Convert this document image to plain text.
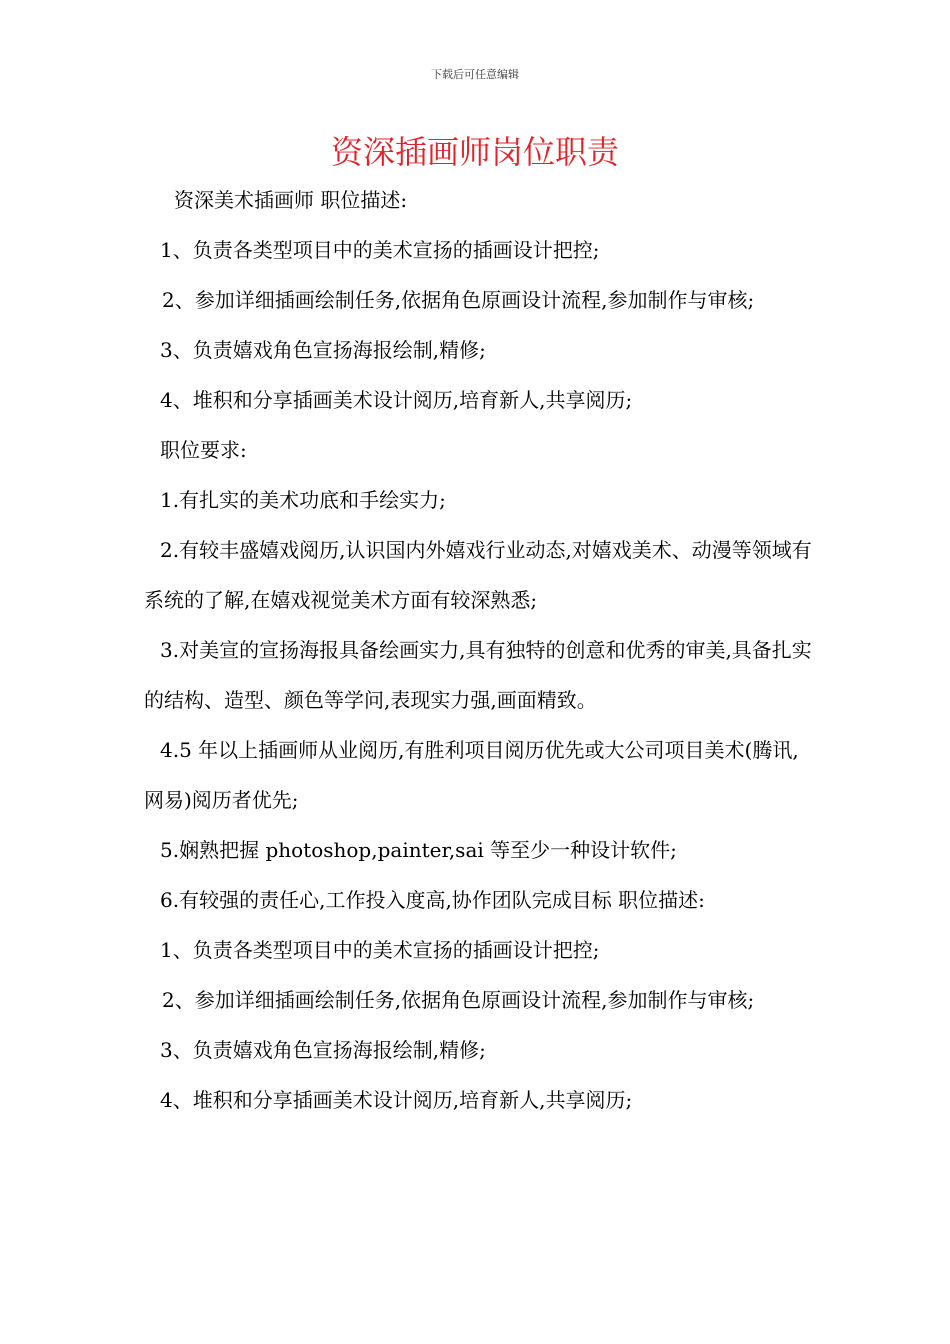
下载后可任意编辑
资深插画师岗位职责
资深美术插画师 职位描述:
1、负责各类型项目中的美术宣扬的插画设计把控;
2、参加详细插画绘制任务,依据角色原画设计流程,参加制作与审核;
3、负责嬉戏角色宣扬海报绘制,精修;
4、堆积和分享插画美术设计阅历,培育新人,共享阅历;
职位要求:
1.有扎实的美术功底和手绘实力;
2.有较丰盛嬉戏阅历,认识国内外嬉戏行业动态,对嬉戏美术、动漫等领域有系统的了解,在嬉戏视觉美术方面有较深熟悉;
3.对美宣的宣扬海报具备绘画实力,具有独特的创意和优秀的审美,具备扎实的结构、造型、颜色等学问,表现实力强,画面精致。
4.5 年以上插画师从业阅历,有胜利项目阅历优先或大公司项目美术(腾讯,网易)阅历者优先;
5.娴熟把握 photoshop,painter,sai 等至少一种设计软件;
6.有较强的责任心,工作投入度高,协作团队完成目标 职位描述:
1、负责各类型项目中的美术宣扬的插画设计把控;
2、参加详细插画绘制任务,依据角色原画设计流程,参加制作与审核;
3、负责嬉戏角色宣扬海报绘制,精修;
4、堆积和分享插画美术设计阅历,培育新人,共享阅历;
